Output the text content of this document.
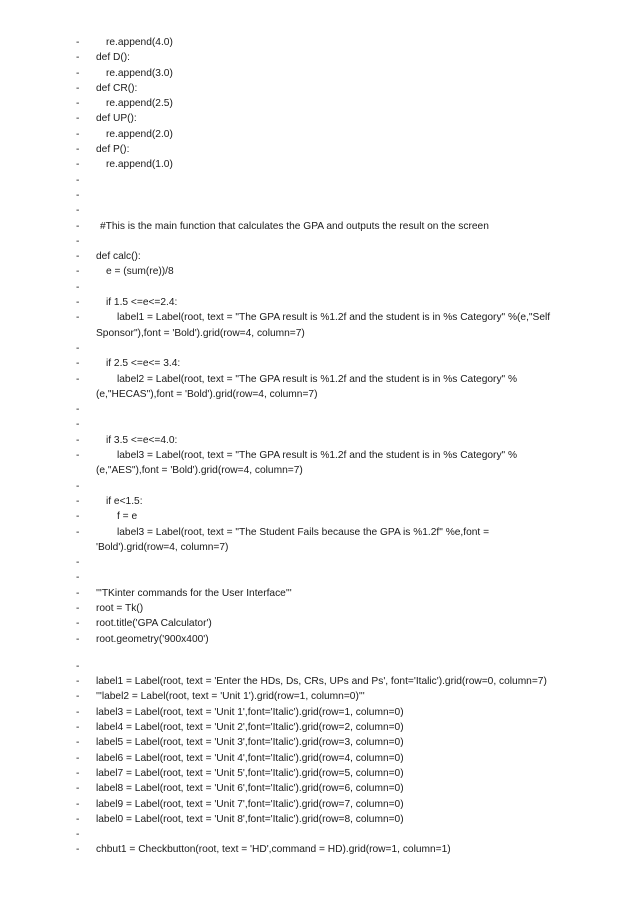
-	re.append(4.0)
- def D():
-	re.append(3.0)
- def CR():
-	re.append(2.5)
- def UP():
-	re.append(2.0)
- def P():
-	re.append(1.0)
-
-
-
- #This is the main function that calculates the GPA and outputs the result on the screen
-
- def calc():
-	e = (sum(re))/8
-
-	if 1.5 <=e<=2.4:
-	label1 = Label(root, text = "The GPA result is %1.2f and the student is in %s Category" %(e,"Self Sponsor"),font = 'Bold').grid(row=4, column=7)
-
-	if 2.5 <=e<= 3.4:
-	label2 = Label(root, text = "The GPA result is %1.2f and the student is in %s Category" %(e,"HECAS"),font = 'Bold').grid(row=4, column=7)
-
-
-	if 3.5 <=e<=4.0:
-	label3 = Label(root, text = "The GPA result is %1.2f and the student is in %s Category" %(e,"AES"),font = 'Bold').grid(row=4, column=7)
-
-	if e<1.5:
-	f = e
-	label3 = Label(root, text = "The Student Fails because the GPA is %1.2f" %e,font = 'Bold').grid(row=4, column=7)
-
-
- '''TKinter commands for the User Interface'''
- root = Tk()
- root.title('GPA Calculator')
- root.geometry('900x400')
-
- label1 = Label(root, text = 'Enter the HDs, Ds, CRs, UPs and Ps', font='Italic').grid(row=0, column=7)
- '''label2 = Label(root, text = 'Unit 1').grid(row=1, column=0)'''
- label3 = Label(root, text = 'Unit 1',font='Italic').grid(row=1, column=0)
- label4 = Label(root, text = 'Unit 2',font='Italic').grid(row=2, column=0)
- label5 = Label(root, text = 'Unit 3',font='Italic').grid(row=3, column=0)
- label6 = Label(root, text = 'Unit 4',font='Italic').grid(row=4, column=0)
- label7 = Label(root, text = 'Unit 5',font='Italic').grid(row=5, column=0)
- label8 = Label(root, text = 'Unit 6',font='Italic').grid(row=6, column=0)
- label9 = Label(root, text = 'Unit 7',font='Italic').grid(row=7, column=0)
- label0 = Label(root, text = 'Unit 8',font='Italic').grid(row=8, column=0)
-
- chbut1 = Checkbutton(root, text = 'HD',command = HD).grid(row=1, column=1)
